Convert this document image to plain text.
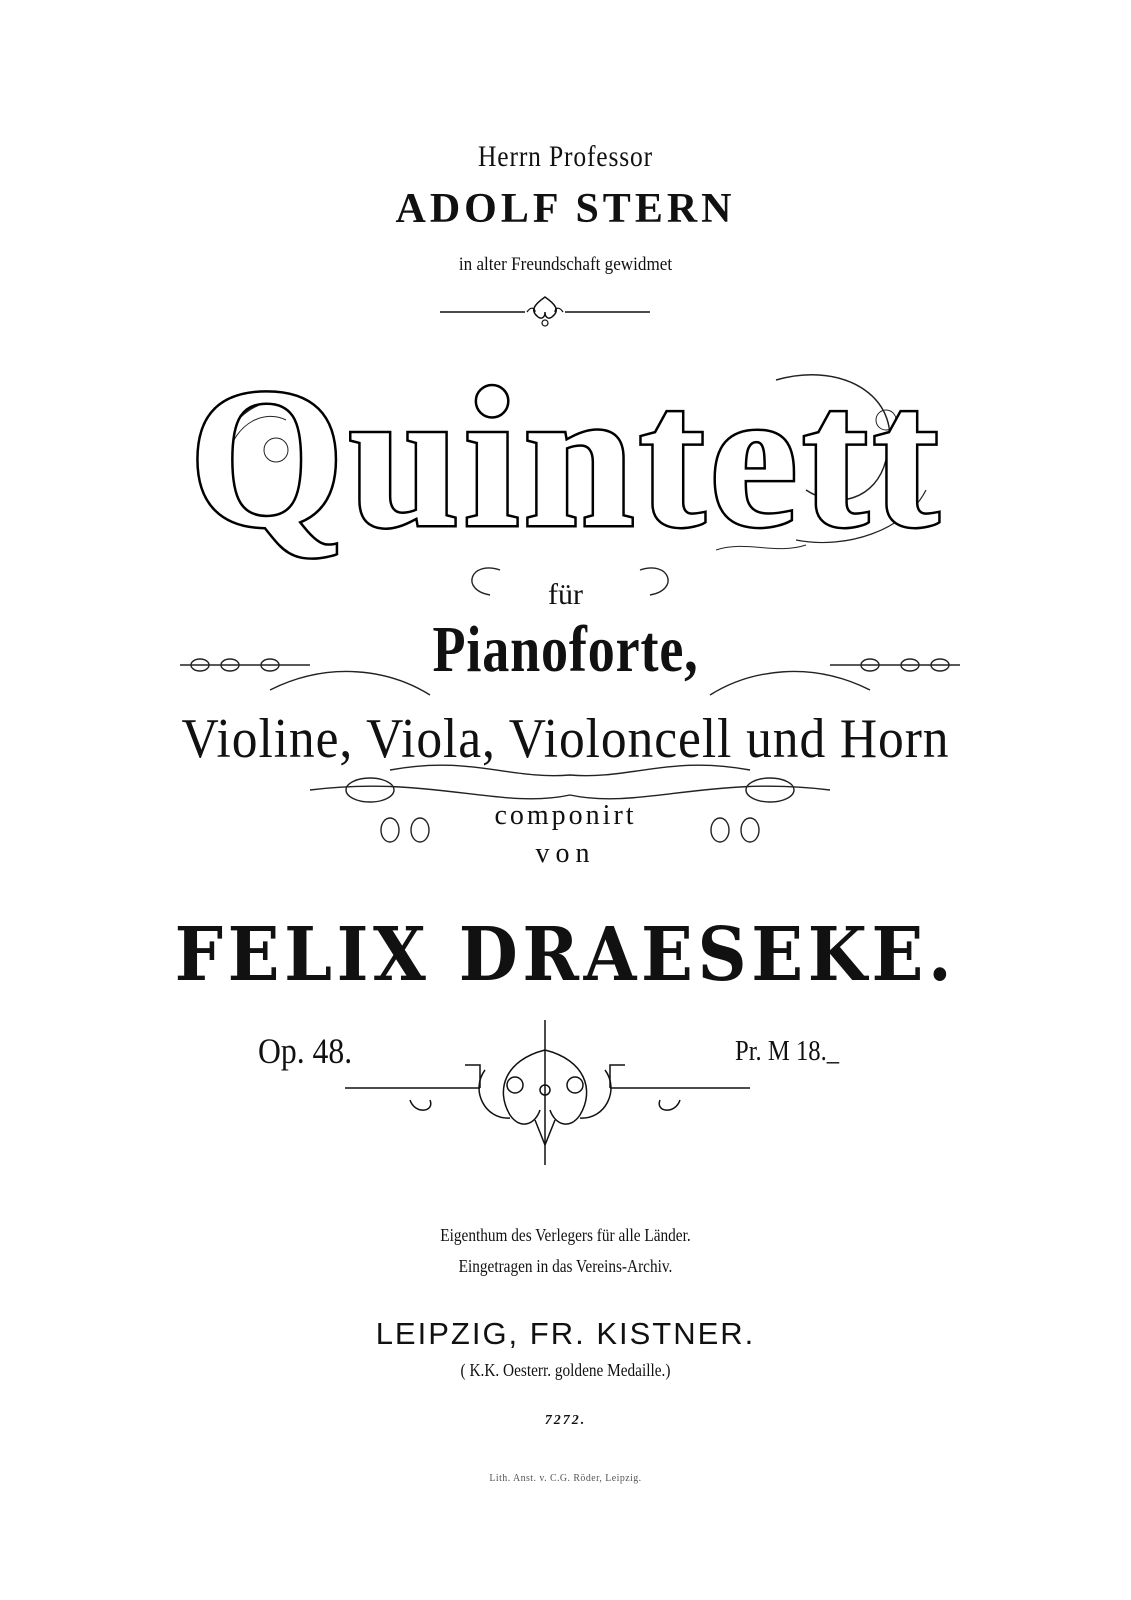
Herrn Professor
ADOLF STERN
in alter Freundschaft gewidmet
Quintett
für
Pianoforte,
Violine, Viola, Violoncell und Horn
componirt
von
FELIX DRAESEKE.
Op. 48.	Pr. M 18._
Eigenthum des Verlegers für alle Länder.
Eingetragen in das Vereins-Archiv.
LEIPZIG, FR. KISTNER.
( K.K. Oesterr. goldene Medaille.)
7272.
Lith. Anst. v. C.G. Röder, Leipzig.
